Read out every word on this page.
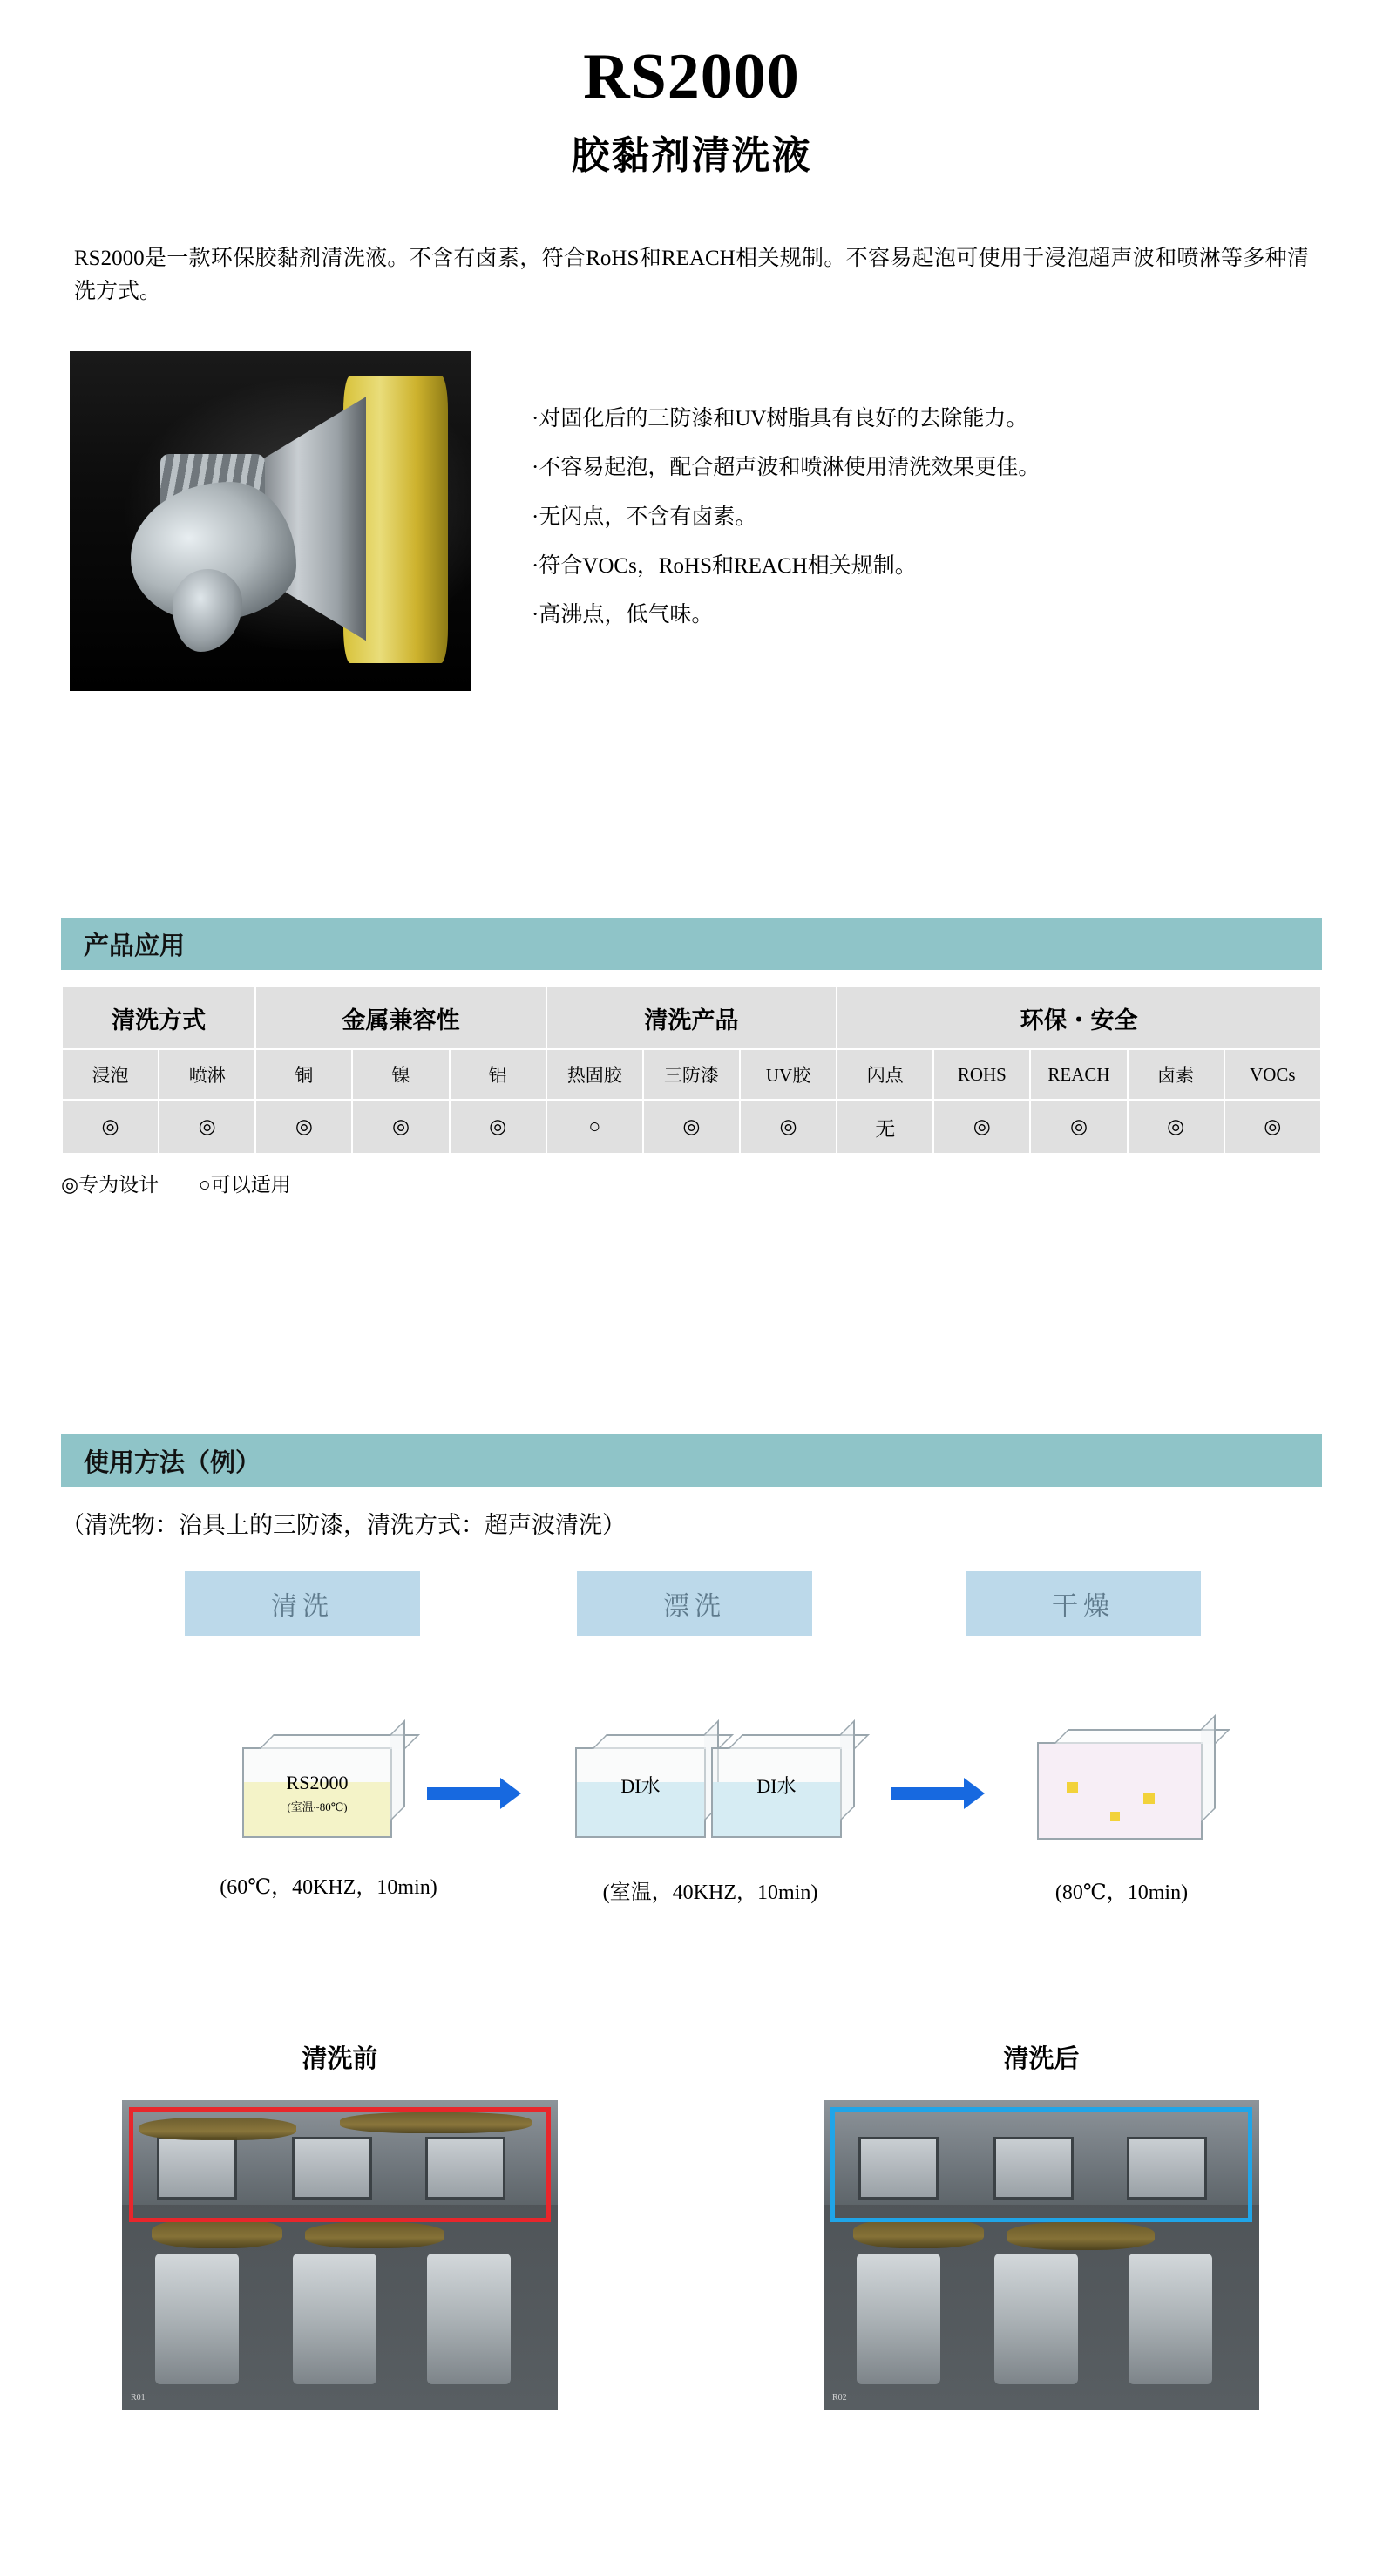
RS2000
胶黏剂清洗液

RS2000是一款环保胶黏剂清洗液。不含有卤素，符合RoHS和REACH相关规制。不容易起泡可使用于浸泡超声波和喷淋等多种清洗方式。

·对固化后的三防漆和UV树脂具有良好的去除能力。
·不容易起泡，配合超声波和喷淋使用清洗效果更佳。
·无闪点，不含有卤素。
·符合VOCs，RoHS和REACH相关规制。
·高沸点，低气味。
产品应用
清洗方式		金属兼容性			清洗产品			环保・安全				
浸泡	喷淋	铜	镍	铝	热固胶	三防漆	UV胶	闪点	ROHS	REACH	卤素	VOCs
◎	◎	◎	◎	◎	○	◎	◎	无	◎	◎	◎	◎
◎专为设计 ○可以适用
使用方法（例）
（清洗物：治具上的三防漆，清洗方式：超声波清洗）
清洗	漂洗	干燥
RS2000
(室温~80℃)
DI水	DI水
(60℃，40KHZ，10min)	(室温，40KHZ，10min)	(80℃，10min)
清洗前	清洗后
R01	R02
